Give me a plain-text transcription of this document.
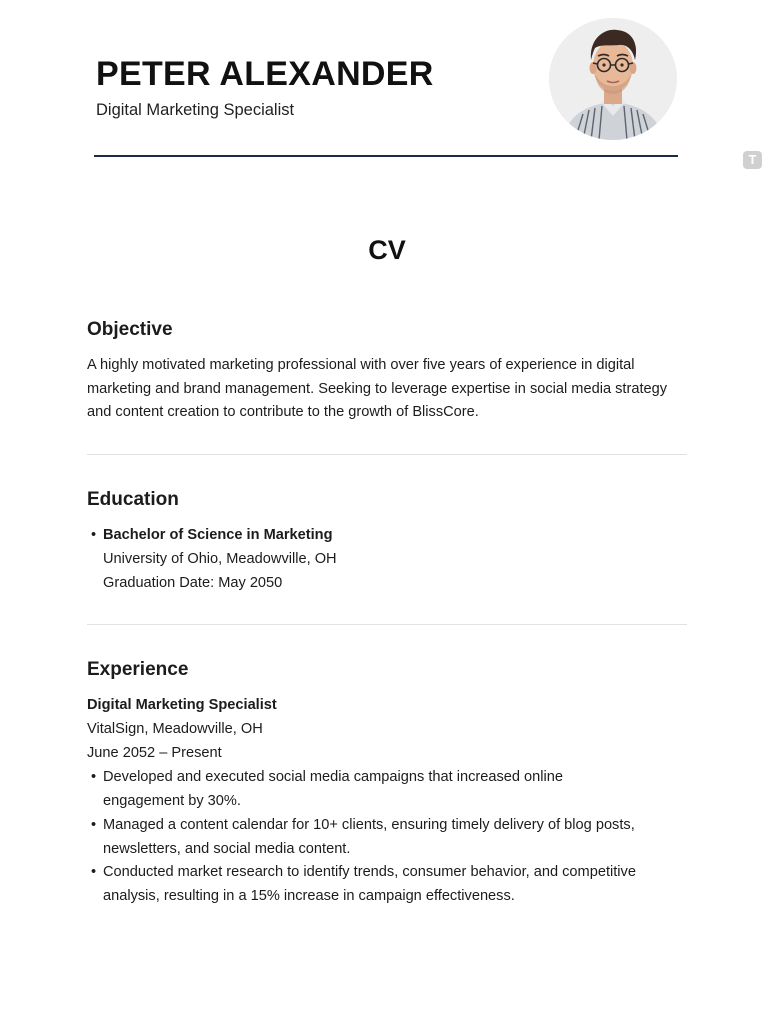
PETER ALEXANDER
Digital Marketing Specialist
T
CV
Objective

A highly motivated marketing professional with over five years of experience in digital marketing and brand management. Seeking to leverage expertise in social media strategy and content creation to contribute to the growth of BlissCore.

Education
• Bachelor of Science in Marketing
University of Ohio, Meadowville, OH
Graduation Date: May 2050
Experience
Digital Marketing Specialist
VitalSign, Meadowville, OH
June 2052 – Present
• Developed and executed social media campaigns that increased online engagement by 30%.

• Managed a content calendar for 10+ clients, ensuring timely delivery of blog posts, newsletters, and social media content.

• Conducted market research to identify trends, consumer behavior, and competitive analysis, resulting in a 15% increase in campaign effectiveness.
